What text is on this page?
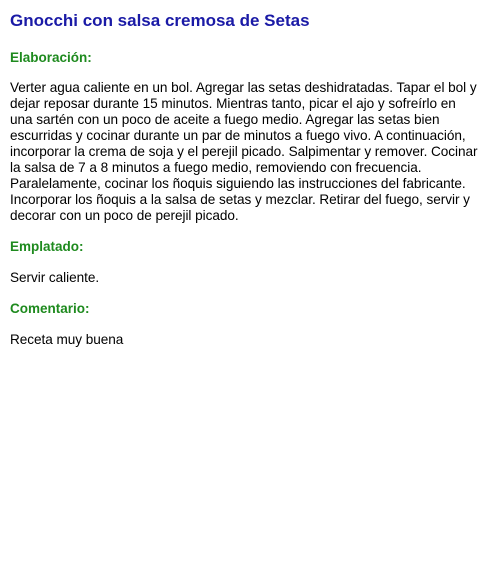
Gnocchi con salsa cremosa de Setas
Elaboración:

Verter agua caliente en un bol. Agregar las setas deshidratadas. Tapar el bol y dejar reposar durante 15 minutos. Mientras tanto, picar el ajo y sofreírlo en una sartén con un poco de aceite a fuego medio. Agregar las setas bien escurridas y cocinar durante un par de minutos a fuego vivo. A continuación, incorporar la crema de soja y el perejil picado. Salpimentar y remover. Cocinar la salsa de 7 a 8 minutos a fuego medio, removiendo con frecuencia. Paralelamente, cocinar los ñoquis siguiendo las instrucciones del fabricante. Incorporar los ñoquis a la salsa de setas y mezclar. Retirar del fuego, servir y decorar con un poco de perejil picado.

Emplatado:

Servir caliente.

Comentario:

Receta muy buena
